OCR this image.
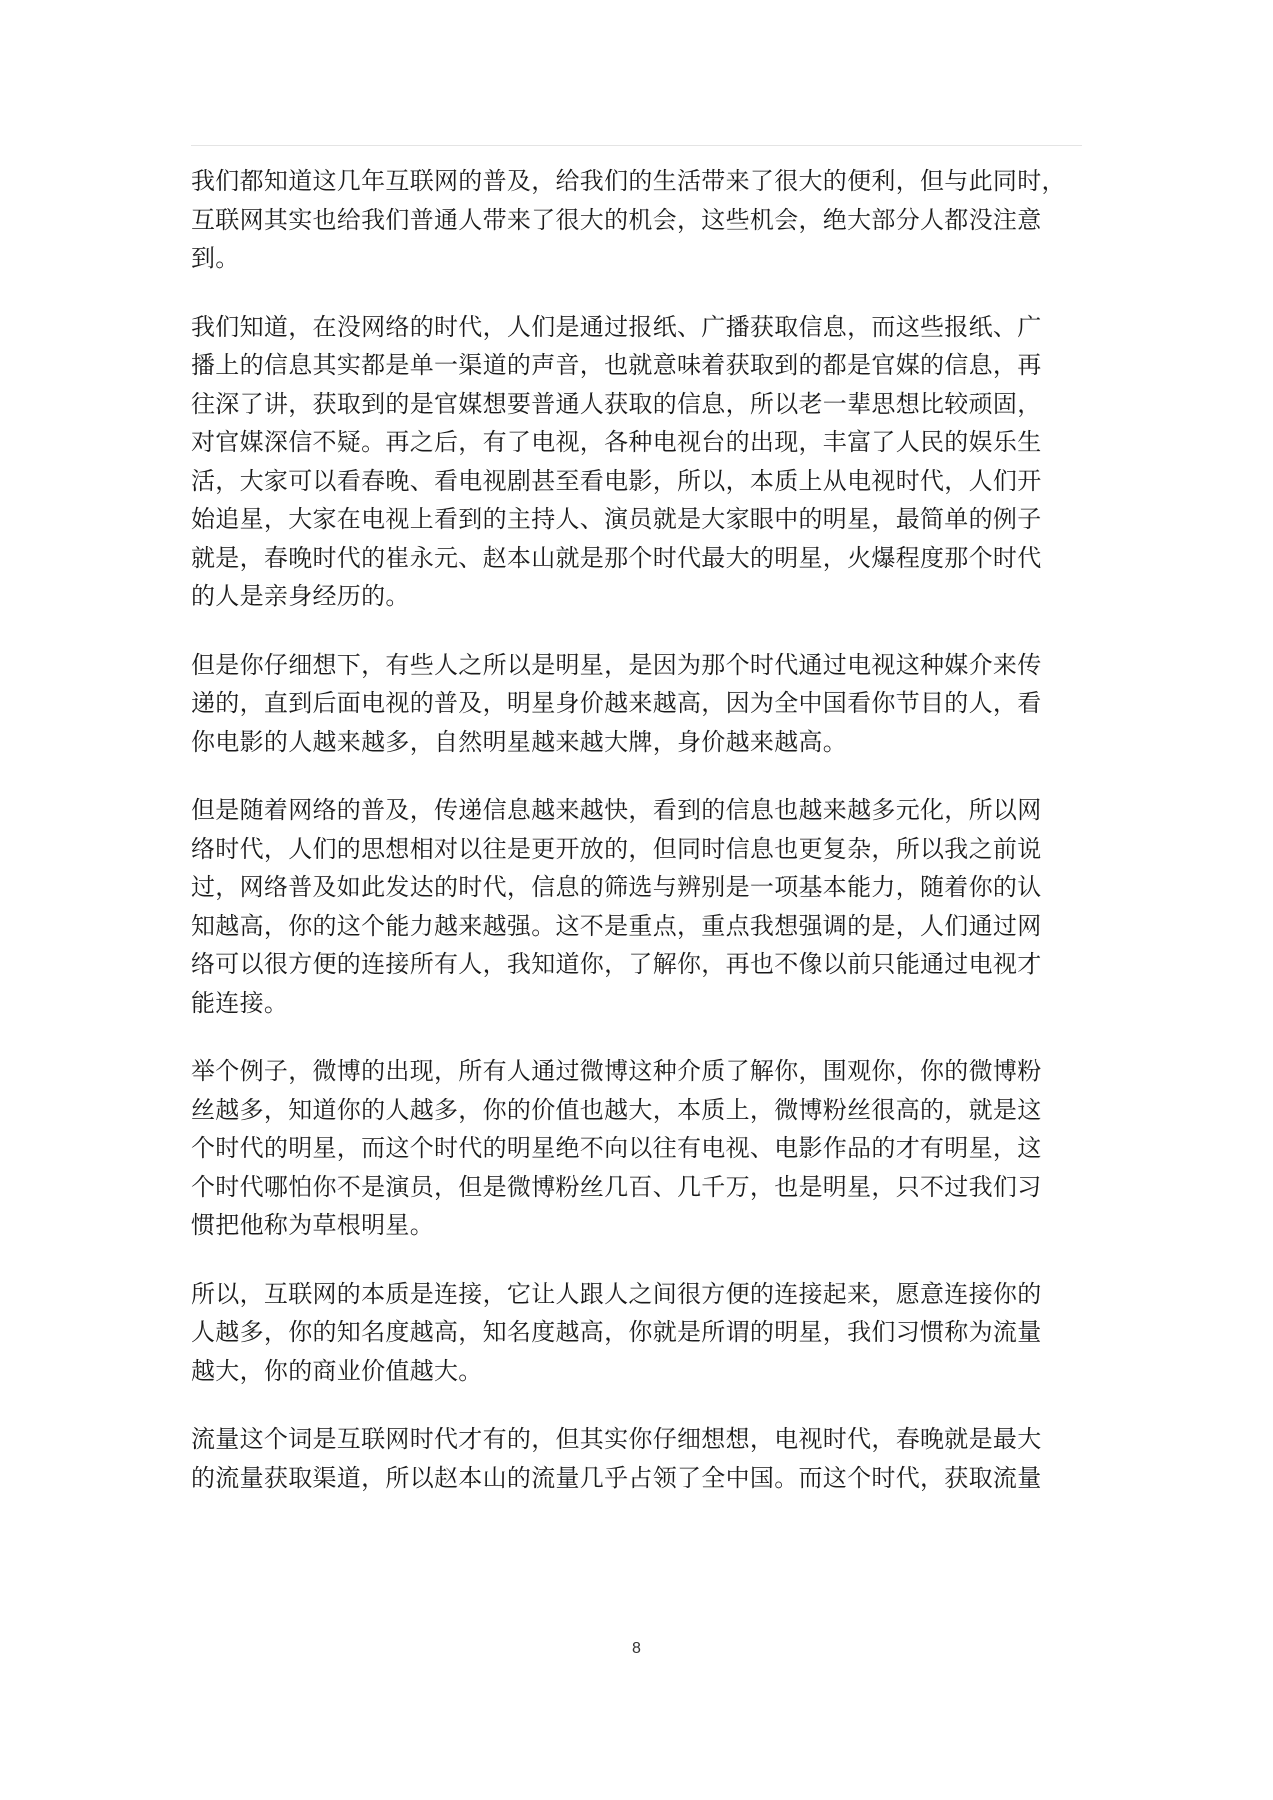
我们都知道这几年互联网的普及，给我们的生活带来了很大的便利，但与此同时，
互联网其实也给我们普通人带来了很大的机会，这些机会，绝大部分人都没注意
到。

我们知道，在没网络的时代，人们是通过报纸、广播获取信息，而这些报纸、广
播上的信息其实都是单一渠道的声音，也就意味着获取到的都是官媒的信息，再
往深了讲，获取到的是官媒想要普通人获取的信息，所以老一辈思想比较顽固，
对官媒深信不疑。再之后，有了电视，各种电视台的出现，丰富了人民的娱乐生
活，大家可以看春晚、看电视剧甚至看电影，所以，本质上从电视时代，人们开
始追星，大家在电视上看到的主持人、演员就是大家眼中的明星，最简单的例子
就是，春晚时代的崔永元、赵本山就是那个时代最大的明星，火爆程度那个时代
的人是亲身经历的。

但是你仔细想下，有些人之所以是明星，是因为那个时代通过电视这种媒介来传
递的，直到后面电视的普及，明星身价越来越高，因为全中国看你节目的人，看
你电影的人越来越多，自然明星越来越大牌，身价越来越高。

但是随着网络的普及，传递信息越来越快，看到的信息也越来越多元化，所以网
络时代，人们的思想相对以往是更开放的，但同时信息也更复杂，所以我之前说
过，网络普及如此发达的时代，信息的筛选与辨别是一项基本能力，随着你的认
知越高，你的这个能力越来越强。这不是重点，重点我想强调的是，人们通过网
络可以很方便的连接所有人，我知道你，了解你，再也不像以前只能通过电视才
能连接。

举个例子，微博的出现，所有人通过微博这种介质了解你，围观你，你的微博粉
丝越多，知道你的人越多，你的价值也越大，本质上，微博粉丝很高的，就是这
个时代的明星，而这个时代的明星绝不向以往有电视、电影作品的才有明星，这
个时代哪怕你不是演员，但是微博粉丝几百、几千万，也是明星，只不过我们习
惯把他称为草根明星。

所以，互联网的本质是连接，它让人跟人之间很方便的连接起来，愿意连接你的
人越多，你的知名度越高，知名度越高，你就是所谓的明星，我们习惯称为流量
越大，你的商业价值越大。

流量这个词是互联网时代才有的，但其实你仔细想想，电视时代，春晚就是最大
的流量获取渠道，所以赵本山的流量几乎占领了全中国。而这个时代，获取流量

8
